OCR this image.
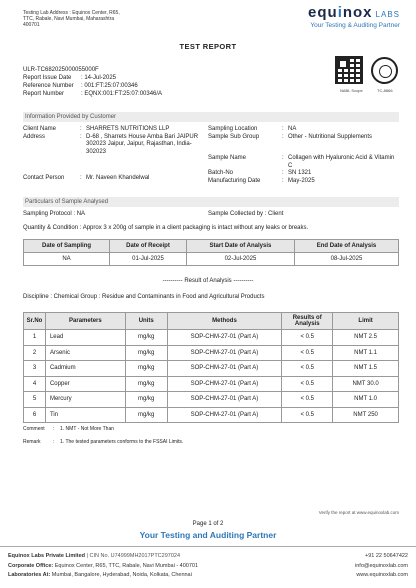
Testing Lab Address : Equinox Center, R65,
TTC, Rabale, Navi Mumbai, Maharashtra
400701
equinox LABS
Your Testing & Auditing Partner
TEST REPORT
ULR-TC682025000055000F
Report Issue Date	: 14-Jul-2025
Reference Number	: 001:FT:25:07:00346
Report Number	: EQNX:001:FT:25:07:00346/A
NABL Scope	TC-8866
Information Provided by Customer
Client Name	: SHARRETS NUTRITIONS LLP
Address	: D-68 , Sharrets House Amba Bari JAIPUR 302023 Jaipur, Jaipur, Rajasthan, India-302023
Contact Person	: Mr. Naveen Khandelwal
Sampling Location	: NA
Sample Sub Group	: Other - Nutritional Supplements
Sample Name	: Collagen with Hyaluronic Acid & Vitamin C
Batch-No	: SN 1321
Manufacturing Date	: May-2025
Particulars of Sample Analysed
Sampling Protocol : NA	Sample Collected by : Client
Quantity & Condition : Approx 3 x 200g of sample in a client packaging is intact without any leaks or breaks.
Date of Sampling	Date of Receipt	Start Date of Analysis	End Date of Analysis
NA	01-Jul-2025	02-Jul-2025	08-Jul-2025
---------- Result of Analysis ----------
Discipline : Chemical Group : Residue and Contaminants in Food and Agricultural Products
Sr.No	Parameters	Units	Methods	Results of Analysis	Limit
1	Lead	mg/kg	SOP-CHM-27-01 (Part A)	< 0.5	NMT 2.5
2	Arsenic	mg/kg	SOP-CHM-27-01 (Part A)	< 0.5	NMT 1.1
3	Cadmium	mg/kg	SOP-CHM-27-01 (Part A)	< 0.5	NMT 1.5
4	Copper	mg/kg	SOP-CHM-27-01 (Part A)	< 0.5	NMT 30.0
5	Mercury	mg/kg	SOP-CHM-27-01 (Part A)	< 0.5	NMT 1.0
6	Tin	mg/kg	SOP-CHM-27-01 (Part A)	< 0.5	NMT 250
Comment : 1. NMT - Not More Than
Remark : 1. The tested parameters conforms to the FSSAI Limits.
Verify the report at www.equinoxlab.com
Page 1 of 2
Your Testing and Auditing Partner
Equinox Labs Private Limited | CIN No. U74999MH2017PTC297024
Corporate Office: Equinox Center, R65, TTC, Rabale, Navi Mumbai - 400701
Laboratories At: Mumbai, Bangalore, Hyderabad, Noida, Kolkata, Chennai
+91 22 50647422
info@equinoxlab.com
www.equinoxlab.com
